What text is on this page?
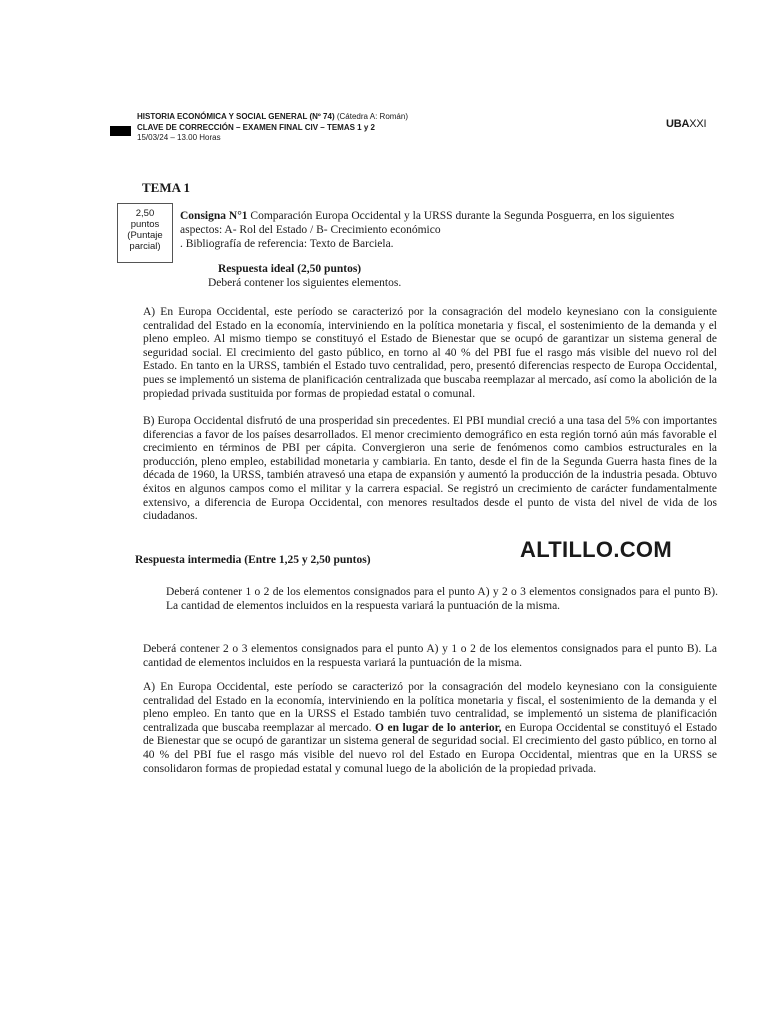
HISTORIA ECONÓMICA Y SOCIAL GENERAL (Nº 74) (Cátedra A: Román)
CLAVE DE CORRECCIÓN – EXAMEN FINAL CIV – TEMAS 1 y 2
15/03/24 – 13.00 Horas
UBAXXI
TEMA 1
2,50
puntos
(Puntaje
parcial)
Consigna N°1 Comparación Europa Occidental y la URSS durante la Segunda Posguerra, en los siguientes aspectos: A- Rol del Estado / B- Crecimiento económico
. Bibliografía de referencia: Texto de Barciela.
Respuesta ideal (2,50 puntos)
Deberá contener los siguientes elementos.
A) En Europa Occidental, este período se caracterizó por la consagración del modelo keynesiano con la consiguiente centralidad del Estado en la economía, interviniendo en la política monetaria y fiscal, el sostenimiento de la demanda y el pleno empleo. Al mismo tiempo se constituyó el Estado de Bienestar que se ocupó de garantizar un sistema general de seguridad social. El crecimiento del gasto público, en torno al 40 % del PBI fue el rasgo más visible del nuevo rol del Estado. En tanto en la URSS, también el Estado tuvo centralidad, pero, presentó diferencias respecto de Europa Occidental, pues se implementó un sistema de planificación centralizada que buscaba reemplazar al mercado, así como la abolición de la propiedad privada sustituida por formas de propiedad estatal o comunal.
B) Europa Occidental disfrutó de una prosperidad sin precedentes. El PBI mundial creció a una tasa del 5% con importantes diferencias a favor de los países desarrollados. El menor crecimiento demográfico en esta región tornó aún más favorable el crecimiento en términos de PBI per cápita. Convergieron una serie de fenómenos como cambios estructurales en la producción, pleno empleo, estabilidad monetaria y cambiaria. En tanto, desde el fin de la Segunda Guerra hasta fines de la década de 1960, la URSS, también atravesó una etapa de expansión y aumentó la producción de la industria pesada. Obtuvo éxitos en algunos campos como el militar y la carrera espacial. Se registró un crecimiento de carácter fundamentalmente extensivo, a diferencia de Europa Occidental, con menores resultados desde el punto de vista del nivel de vida de los ciudadanos.
Respuesta intermedia (Entre 1,25 y 2,50 puntos)	ALTILLO.COM
Deberá contener 1 o 2 de los elementos consignados para el punto A) y 2 o 3 elementos consignados para el punto B). La cantidad de elementos incluidos en la respuesta variará la puntuación de la misma.
Deberá contener 2 o 3 elementos consignados para el punto A) y 1 o 2 de los elementos consignados para el punto B). La cantidad de elementos incluidos en la respuesta variará la puntuación de la misma.
A) En Europa Occidental, este período se caracterizó por la consagración del modelo keynesiano con la consiguiente centralidad del Estado en la economía, interviniendo en la política monetaria y fiscal, el sostenimiento de la demanda y el pleno empleo. En tanto que en la URSS el Estado también tuvo centralidad, se implementó un sistema de planificación centralizada que buscaba reemplazar al mercado. O en lugar de lo anterior, en Europa Occidental se constituyó el Estado de Bienestar que se ocupó de garantizar un sistema general de seguridad social. El crecimiento del gasto público, en torno al 40 % del PBI fue el rasgo más visible del nuevo rol del Estado en Europa Occidental, mientras que en la URSS se consolidaron formas de propiedad estatal y comunal luego de la abolición de la propiedad privada.
